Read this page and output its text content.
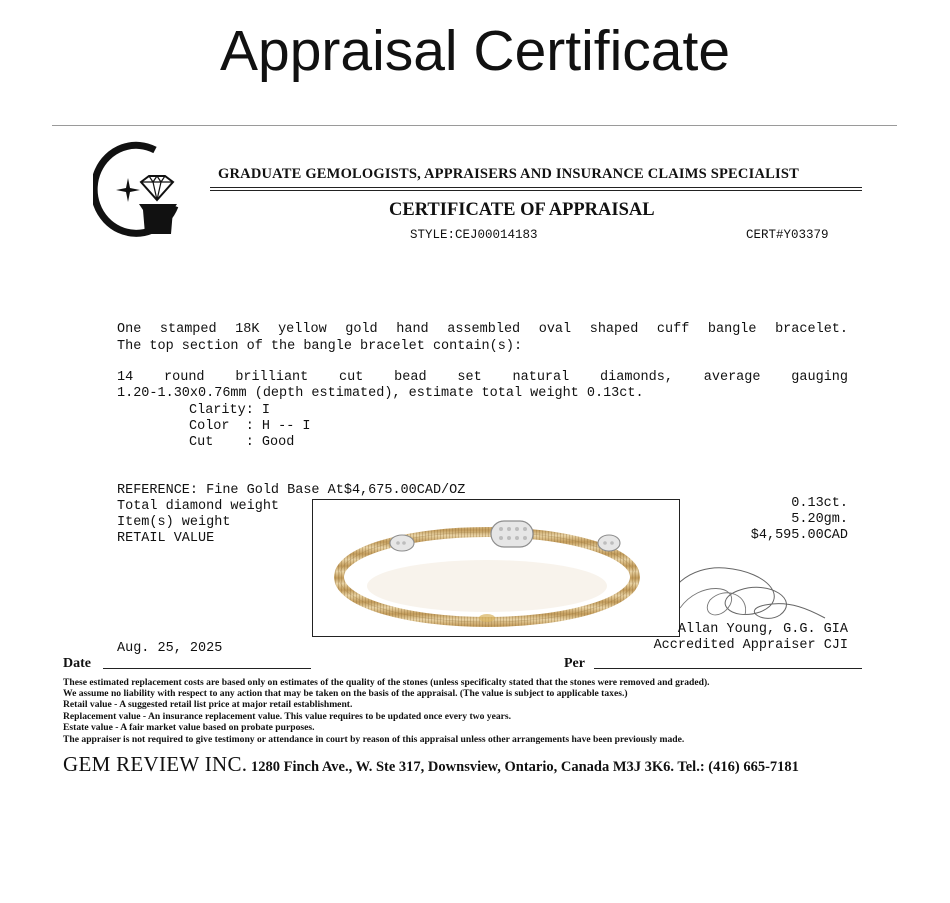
Appraisal Certificate
GRADUATE GEMOLOGISTS, APPRAISERS AND INSURANCE CLAIMS SPECIALIST
CERTIFICATE OF APPRAISAL
STYLE:CEJ00014183	CERT#Y03379
One stamped 18K yellow gold hand assembled oval shaped cuff bangle bracelet.
The top section of the bangle bracelet contain(s):
14 round brilliant cut bead set natural diamonds, average gauging
1.20-1.30x0.76mm (depth estimated), estimate total weight 0.13ct.
Clarity: I
Color  : H -- I
Cut    : Good
REFERENCE: Fine Gold Base At$4,675.00CAD/OZ
Total diamond weight
Item(s) weight
RETAIL VALUE
0.13ct.
5.20gm.
$4,595.00CAD
Allan Young, G.G. GIA
Accredited Appraiser CJI
Aug. 25, 2025
Date	Per
These estimated replacement costs are based only on estimates of the quality of the stones (unless specificalty stated that the stones were removed and graded).
We assume no liability with respect to any action that may be taken on the basis of the appraisal. (The value is subject to applicable taxes.)
Retail value - A suggested retail list price at major retail establishment.
Replacement value - An insurance replacement value. This value requires to be updated once every two years.
Estate value - A fair market value based on probate purposes.
The appraiser is not required to give testimony or attendance in court by reason of this appraisal unless other arrangements have been previously made.
GEM REVIEW INC. 1280 Finch Ave., W. Ste 317, Downsview, Ontario, Canada M3J 3K6. Tel.: (416) 665-7181
